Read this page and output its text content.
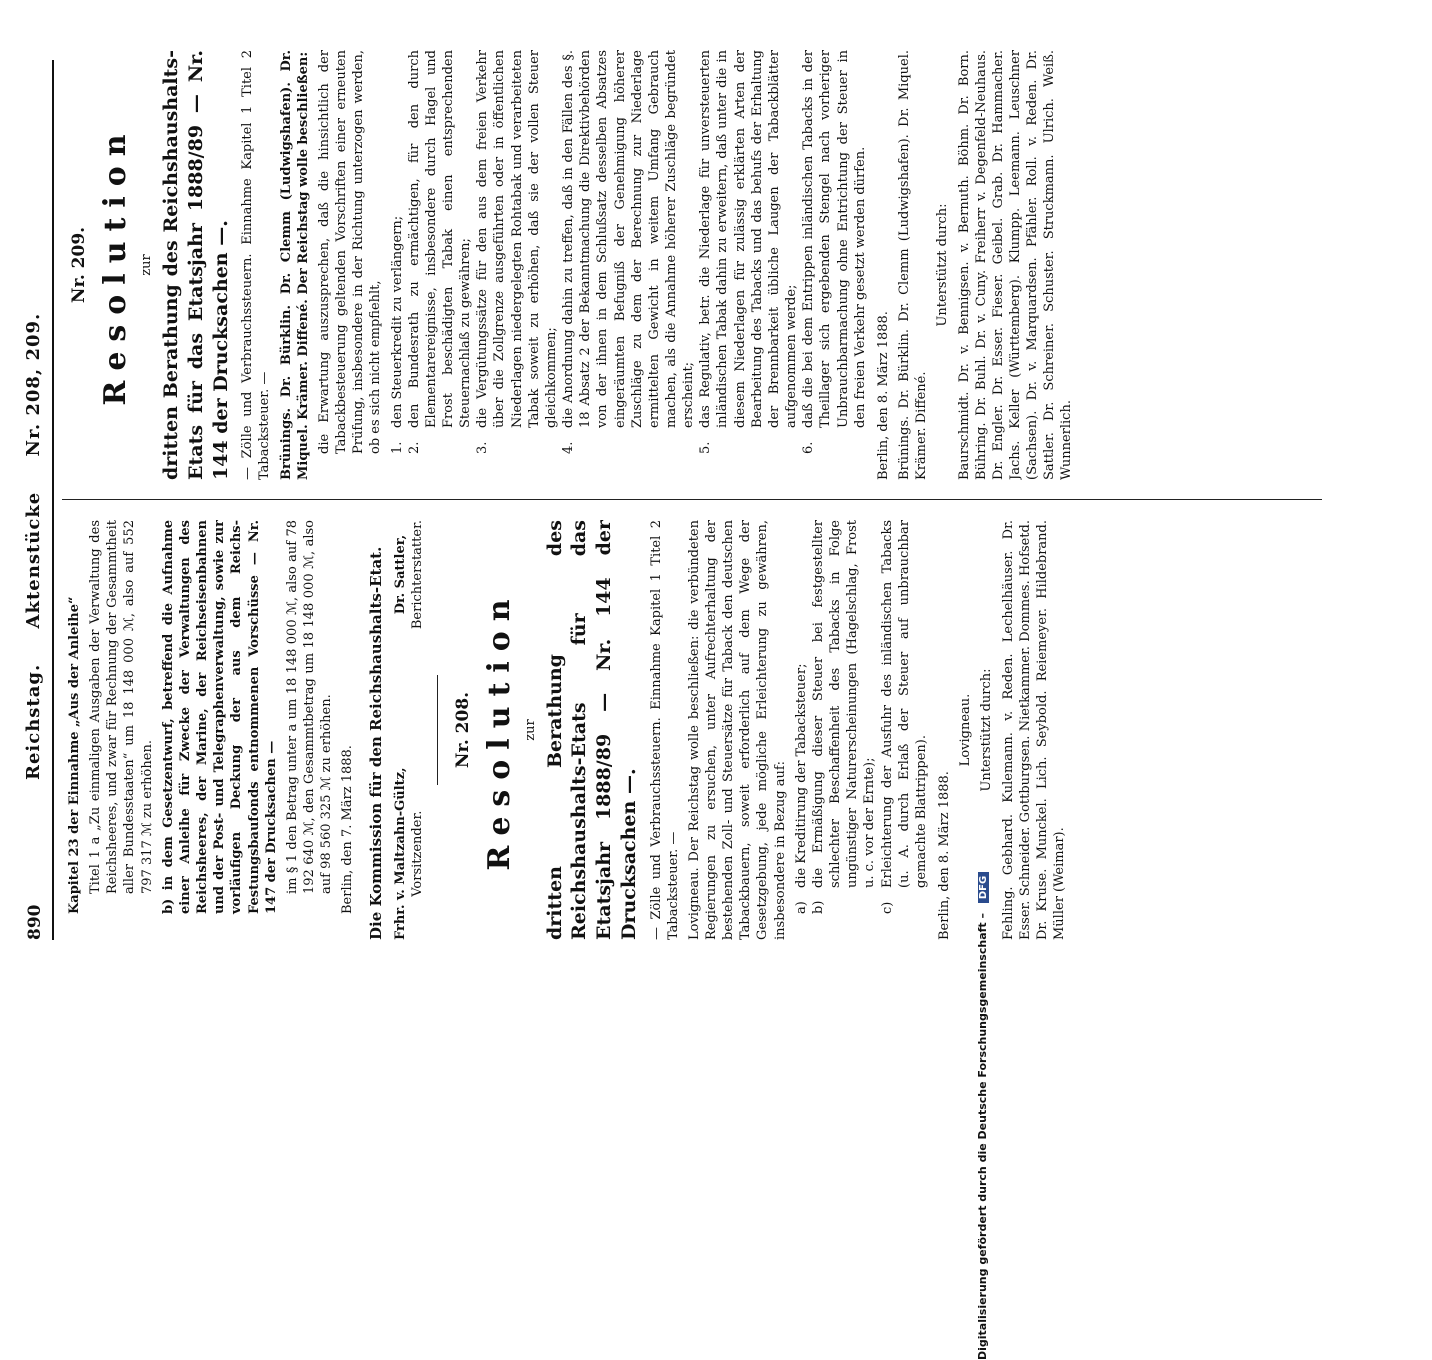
890
Reichstag. Aktenstücke Nr. 208, 209.

Kapitel 23 der Einnahme „Aus der Anleihe“ Titel 1 a „Zu einmaligen Ausgaben der Verwaltung des Reichsheeres, und zwar für Rechnung der Gesammtheit aller Bundesstaaten“ um 18 148 000 ℳ, also auf 552 797 317 ℳ zu erhöhen. b) in dem Gesetzentwurf, betreffend die Aufnahme einer Anleihe für Zwecke der Verwaltungen des Reichsheeres, der Marine, der Reichseisenbahnen und der Post- und Telegraphenverwaltung, sowie zur vorläufigen Deckung der aus dem Reichs-Festungsbaufonds entnommenen Vorschüsse — Nr. 147 der Drucksachen — im § 1 den Betrag unter a um 18 148 000 ℳ, also auf 78 192 640 ℳ, den Gesammtbetrag um 18 148 000 ℳ, also auf 98 560 325 ℳ zu erhöhen. Berlin, den 7. März 1888. Die Kommission für den Reichshaushalts-Etat. Frhr. v. Maltzahn-Gültz, Vorsitzender.
Dr. Sattler, Berichterstatter.
Nr. 208. Resolution zur dritten Berathung des Reichshaushalts-Etats für das Etatsjahr 1888/89 — Nr. 144 der Drucksachen —. — Zölle und Verbrauchssteuern. Einnahme Kapitel 1 Titel 2 Tabacksteuer. — Lovigneau. Der Reichstag wolle beschließen: die verbündeten Regierungen zu ersuchen, unter Aufrechterhaltung der bestehenden Zoll- und Steuersätze für Taback den deutschen Tabackbauern, soweit erforderlich auf dem Wege der Gesetzgebung, jede mögliche Erleichterung zu gewähren, insbesondere in Bezug auf: a)
die Kreditirung der Tabacksteuer;
b)
die Ermäßigung dieser Steuer bei festgestellter schlechter Beschaffenheit des Tabacks in Folge ungünstiger Naturerscheinungen (Hagelschlag, Frost u. c. vor der Ernte);
c)
Erleichterung der Ausfuhr des inländischen Tabacks (u. A. durch Erlaß der Steuer auf unbrauchbar gemachte Blattrippen). Berlin, den 8. März 1888.

Lovigneau. Unterstützt durch: Fehling. Gebhard. Kulemann. v. Reden. Lechelhäuser. Dr. Esser. Schneider. Gottburgsen. Nietkammer. Dommes. Hofsetd. Dr. Kruse. Munckel. Lich. Seybold. Reiemeyer. Hildebrand. Müller (Weimar).

Nr. 209. Resolution zur dritten Berathung des Reichshaushalts-Etats für das Etatsjahr 1888/89 — Nr. 144 der Drucksachen —. — Zölle und Verbrauchssteuern. Einnahme Kapitel 1 Titel 2 Tabacksteuer. — Brünings. Dr. Bürklin. Dr. Clemm (Ludwigshafen). Dr. Miquel. Krämer. Diffené. Der Reichstag wolle beschließen: die Erwartung auszusprechen, daß die hinsichtlich der Tabackbesteuerung geltenden Vorschriften einer erneuten Prüfung, insbesondere in der Richtung unterzogen werden, ob es sich nicht empfiehlt, 1.
den Steuerkredit zu verlängern;
2.
den Bundesrath zu ermächtigen, für den durch Elementarereignisse, insbesondere durch Hagel und Frost beschädigten Tabak einen entsprechenden Steuernachlaß zu gewähren;
3.
die Vergütungssätze für den aus dem freien Verkehr über die Zollgrenze ausgeführten oder in öffentlichen Niederlagen niedergelegten Rohtabak und verarbeiteten Tabak soweit zu erhöhen, daß sie der vollen Steuer gleichkommen;
4.
die Anordnung dahin zu treffen, daß in den Fällen des §. 18 Absatz 2 der Bekanntmachung die Direktivbehörden von der ihnen in dem Schlußsatz desselben Absatzes eingeräumten Befugniß der Genehmigung höherer Zuschläge zu dem der Berechnung zur Niederlage ermittelten Gewicht in weitem Umfang Gebrauch machen, als die Annahme höherer Zuschläge begründet erscheint;
5.
das Regulativ, betr. die Niederlage für unversteuerten inländischen Tabak dahin zu erweitern, daß unter die in diesem Niederlagen für zulässig erklärten Arten der Bearbeitung des Tabacks und das behufs der Erhaltung der Brennbarkeit übliche Laugen der Tabackblätter aufgenommen werde;
6.
daß die bei dem Entrippen inländischen Tabacks in der Theillager sich ergebenden Stengel nach vorheriger Unbrauchbarmachung ohne Entrichtung der Steuer in den freien Verkehr gesetzt werden dürfen. Berlin, den 8. März 1888. Brünings. Dr. Bürklin. Dr. Clemm (Ludwigshafen). Dr. Miquel. Krämer. Diffené.

Unterstützt durch: Baurschmidt. Dr. v. Bennigsen. v. Bernuth. Böhm. Dr. Born. Bühring. Dr. Buhl. Dr. v. Cuny. Freiherr v. Degenfeld-Neuhaus. Dr. Engler. Dr. Esser. Fieser. Geibel. Grab. Dr. Hammacher. Jachs. Keller (Württemberg). Klumpp. Leemann. Leuschner (Sachsen). Dr. v. Marquardsen. Pfähler. Roll. v. Reden. Dr. Sattler. Dr. Schreiner. Schuster. Struckmann. Ulrich. Weiß. Wunnerlich.

Digitalisierung gefördert durch die Deutsche Forschungsgemeinschaft – DFG
